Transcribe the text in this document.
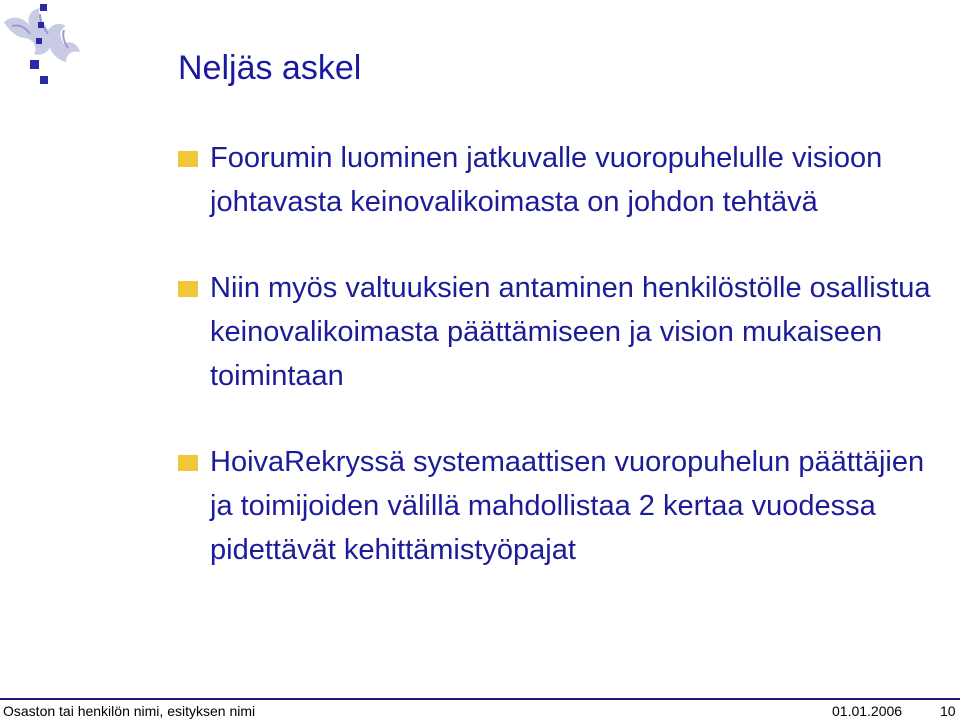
Neljäs askel
Foorumin luominen jatkuvalle vuoropuhelulle visioon johtavasta keinovalikoimasta on johdon tehtävä
Niin myös valtuuksien antaminen henkilöstölle osallistua keinovalikoimasta päättämiseen ja vision mukaiseen toimintaan
HoivaRekryssä systemaattisen vuoropuhelun päättäjien ja toimijoiden välillä mahdollistaa 2 kertaa vuodessa pidettävät kehittämistyöpajat
Osaston tai henkilön nimi, esityksen nimi	01.01.2006	10
